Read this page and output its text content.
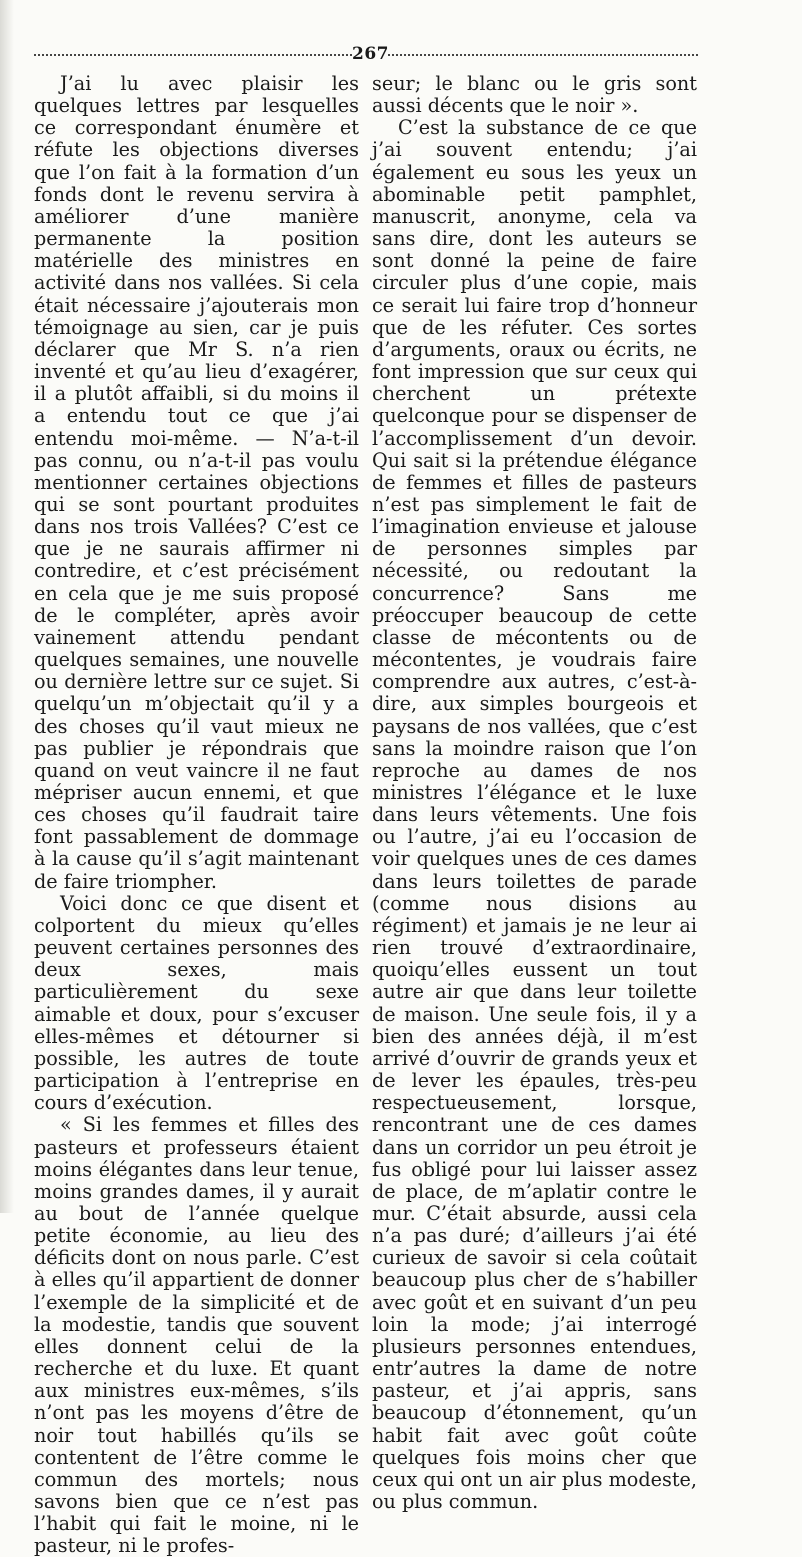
267

J’ai lu avec plaisir les quelques lettres par lesquelles ce correspondant énumère et réfute les objections diverses que l’on fait à la formation d’un fonds dont le revenu servira à améliorer d’une manière permanente la position matérielle des ministres en activité dans nos vallées. Si cela était nécessaire j’ajouterais mon témoignage au sien, car je puis déclarer que Mr S. n’a rien inventé et qu’au lieu d’exagérer, il a plutôt affaibli, si du moins il a entendu tout ce que j’ai entendu moi-même. — N’a-t-il pas connu, ou n’a-t-il pas voulu mentionner certaines objections qui se sont pourtant produites dans nos trois Vallées? C’est ce que je ne saurais affirmer ni contredire, et c’est précisément en cela que je me suis proposé de le compléter, après avoir vainement attendu pendant quelques semaines, une nouvelle ou dernière lettre sur ce sujet. Si quelqu’un m’objectait qu’il y a des choses qu’il vaut mieux ne pas publier je répondrais que quand on veut vaincre il ne faut mépriser aucun ennemi, et que ces choses qu’il faudrait taire font passablement de dommage à la cause qu’il s’agit maintenant de faire triompher.

Voici donc ce que disent et colportent du mieux qu’elles peuvent certaines personnes des deux sexes, mais particulièrement du sexe aimable et doux, pour s’excuser elles-mêmes et détourner si possible, les autres de toute participation à l’entreprise en cours d’exécution.

« Si les femmes et filles des pasteurs et professeurs étaient moins élégantes dans leur tenue, moins grandes dames, il y aurait au bout de l’année quelque petite économie, au lieu des déficits dont on nous parle. C’est à elles qu’il appartient de donner l’exemple de la simplicité et de la modestie, tandis que souvent elles donnent celui de la recherche et du luxe. Et quant aux ministres eux-mêmes, s’ils n’ont pas les moyens d’être de noir tout habillés qu’ils se contentent de l’être comme le commun des mortels; nous savons bien que ce n’est pas l’habit qui fait le moine, ni le pasteur, ni le profes-

seur; le blanc ou le gris sont aussi décents que le noir ».

C’est la substance de ce que j’ai souvent entendu; j’ai également eu sous les yeux un abominable petit pamphlet, manuscrit, anonyme, cela va sans dire, dont les auteurs se sont donné la peine de faire circuler plus d’une copie, mais ce serait lui faire trop d’honneur que de les réfuter. Ces sortes d’arguments, oraux ou écrits, ne font impression que sur ceux qui cherchent un prétexte quelconque pour se dispenser de l’accomplissement d’un devoir. Qui sait si la prétendue élégance de femmes et filles de pasteurs n’est pas simplement le fait de l’imagination envieuse et jalouse de personnes simples par nécessité, ou redoutant la concurrence? Sans me préoccuper beaucoup de cette classe de mécontents ou de mécontentes, je voudrais faire comprendre aux autres, c’est-à-dire, aux simples bourgeois et paysans de nos vallées, que c’est sans la moindre raison que l’on reproche au dames de nos ministres l’élégance et le luxe dans leurs vêtements. Une fois ou l’autre, j’ai eu l’occasion de voir quelques unes de ces dames dans leurs toilettes de parade (comme nous disions au régiment) et jamais je ne leur ai rien trouvé d’extraordinaire, quoiqu’elles eussent un tout autre air que dans leur toilette de maison. Une seule fois, il y a bien des années déjà, il m’est arrivé d’ouvrir de grands yeux et de lever les épaules, très-peu respectueusement, lorsque, rencontrant une de ces dames dans un corridor un peu étroit je fus obligé pour lui laisser assez de place, de m’aplatir contre le mur. C’était absurde, aussi cela n’a pas duré; d’ailleurs j’ai été curieux de savoir si cela coûtait beaucoup plus cher de s’habiller avec goût et en suivant d’un peu loin la mode; j’ai interrogé plusieurs personnes entendues, entr’autres la dame de notre pasteur, et j’ai appris, sans beaucoup d’étonnement, qu’un habit fait avec goût coûte quelques fois moins cher que ceux qui ont un air plus modeste, ou plus commun.
